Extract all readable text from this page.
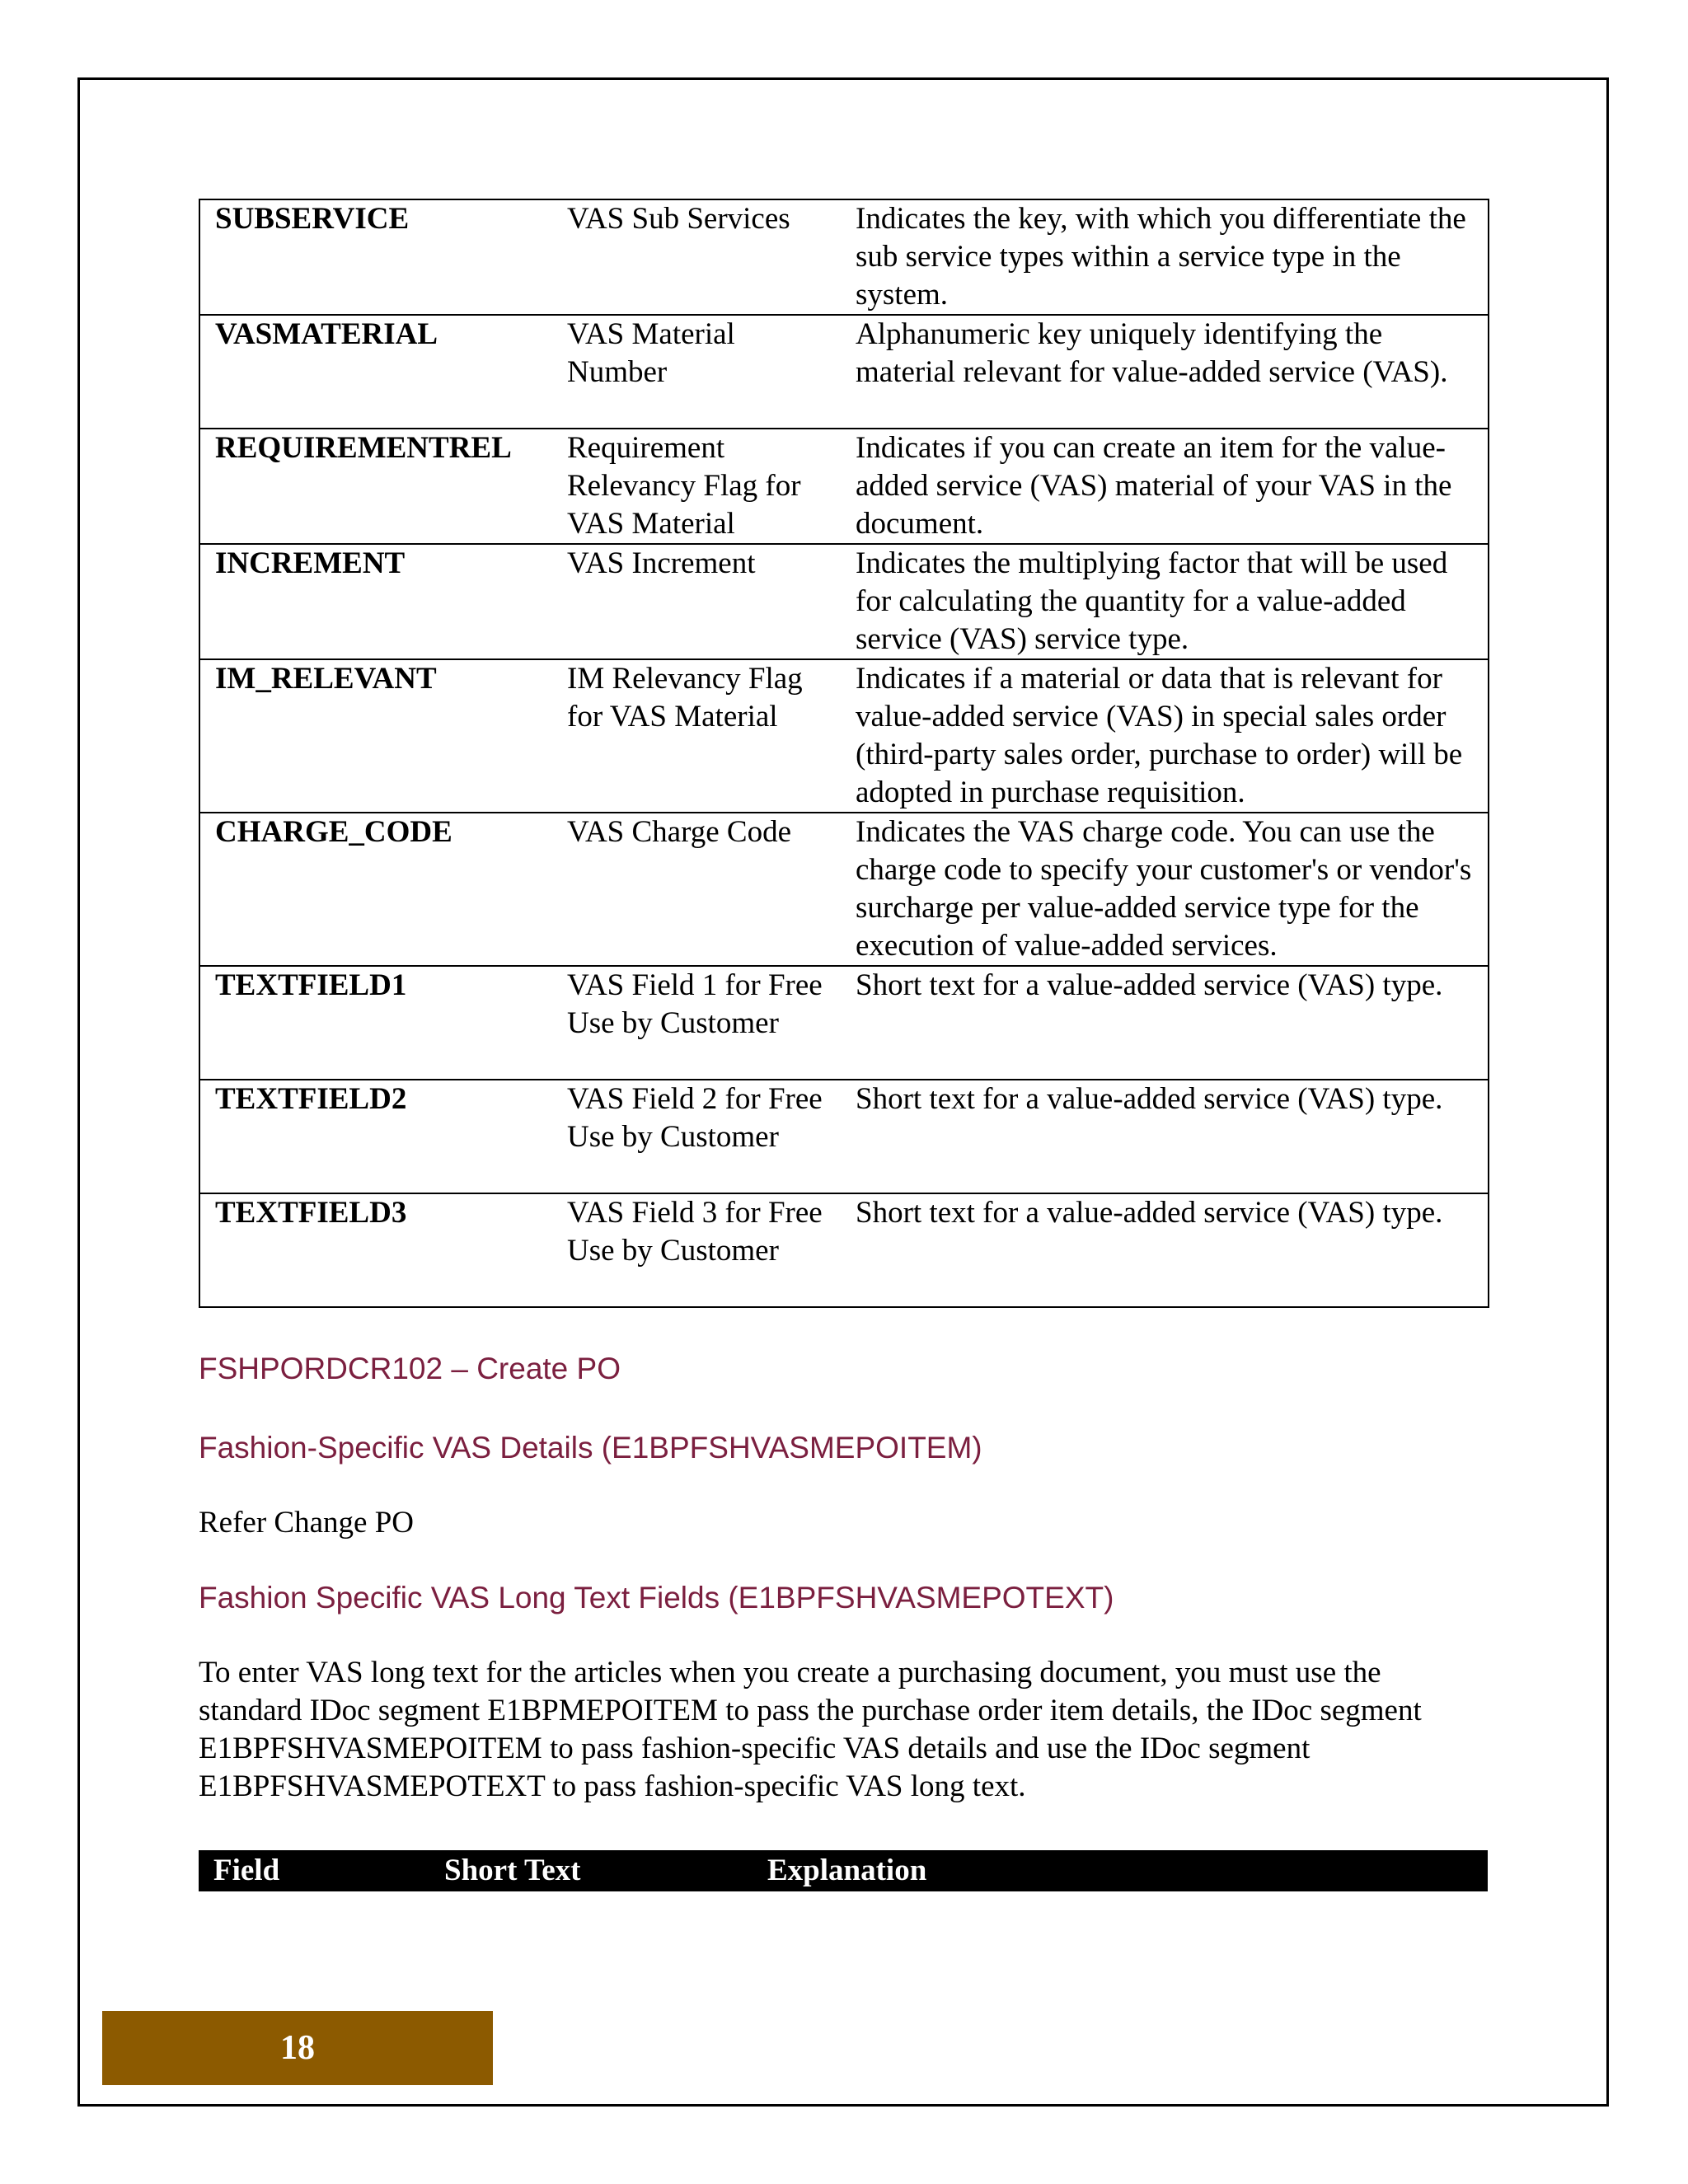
SUBSERVICE	VAS Sub Services	Indicates the key, with which you differentiate the sub service types within a service type in the system.
VASMATERIAL	VAS Material Number	Alphanumeric key uniquely identifying the material relevant for value-added service (VAS).
REQUIREMENTREL	Requirement Relevancy Flag for VAS Material	Indicates if you can create an item for the value-added service (VAS) material of your VAS in the document.
INCREMENT	VAS Increment	Indicates the multiplying factor that will be used for calculating the quantity for a value-added service (VAS) service type.
IM_RELEVANT	IM Relevancy Flag for VAS Material	Indicates if a material or data that is relevant for value-added service (VAS) in special sales order (third-party sales order, purchase to order) will be adopted in purchase requisition.
CHARGE_CODE	VAS Charge Code	Indicates the VAS charge code. You can use the charge code to specify your customer's or vendor's surcharge per value-added service type for the execution of value-added services.
TEXTFIELD1	VAS Field 1 for Free Use by Customer	Short text for a value-added service (VAS) type.
TEXTFIELD2	VAS Field 2 for Free Use by Customer	Short text for a value-added service (VAS) type.
TEXTFIELD3	VAS Field 3 for Free Use by Customer	Short text for a value-added service (VAS) type.
FSHPORDCR102 – Create PO
Fashion-Specific VAS Details (E1BPFSHVASMEPOITEM)

Refer Change PO

Fashion Specific VAS Long Text Fields (E1BPFSHVASMEPOTEXT)

To enter VAS long text for the articles when you create a purchasing document, you must use the standard IDoc segment E1BPMEPOITEM to pass the purchase order item details, the IDoc segment E1BPFSHVASMEPOITEM to pass fashion-specific VAS details and use the IDoc segment E1BPFSHVASMEPOTEXT to pass fashion-specific VAS long text.

Field	Short Text	Explanation
18
